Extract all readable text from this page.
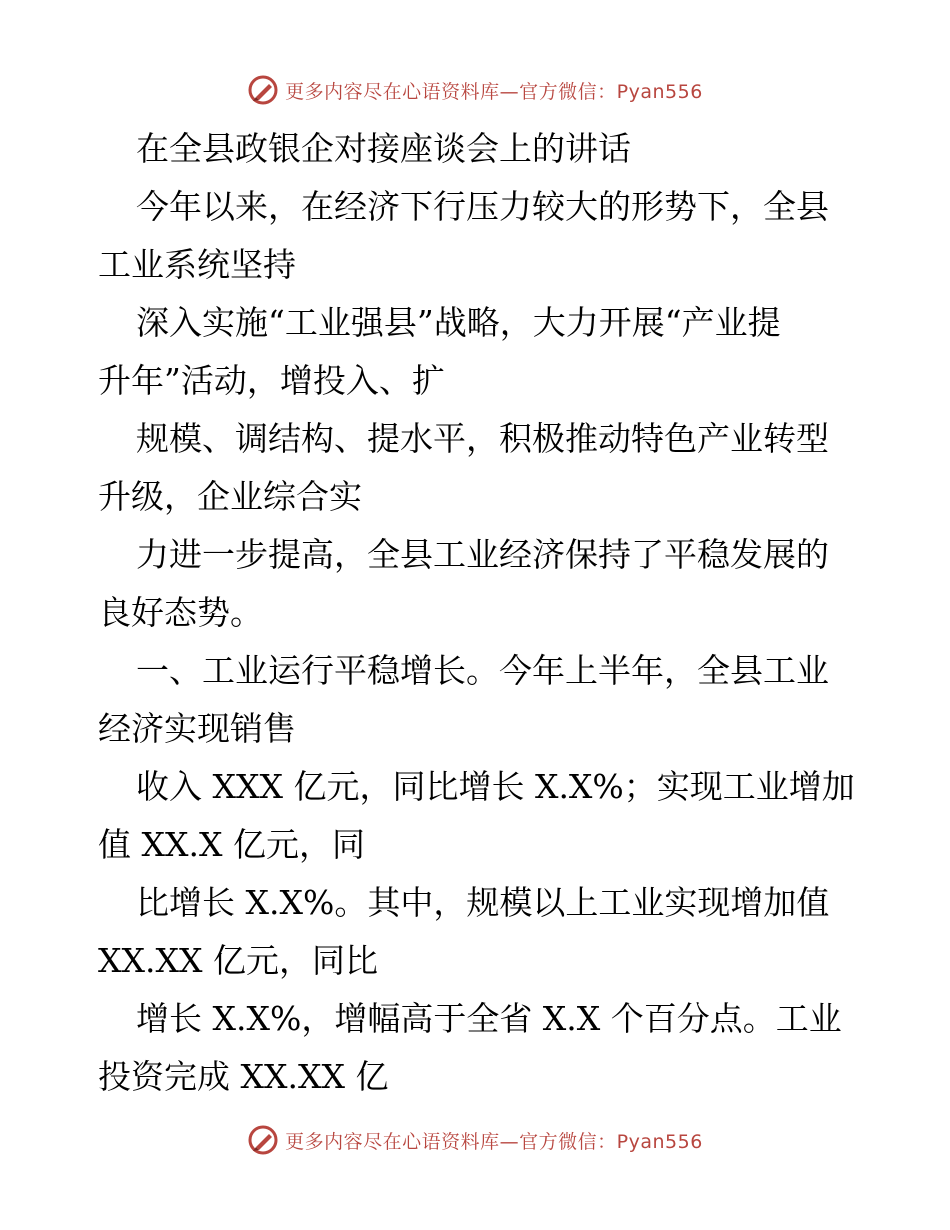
更多内容尽在心语资料库—官方微信：Pyan556
在全县政银企对接座谈会上的讲话
今年以来，在经济下行压力较大的形势下，全县
工业系统坚持
深入实施“工业强县”战略，大力开展“产业提
升年”活动，增投入、扩
规模、调结构、提水平，积极推动特色产业转型
升级，企业综合实
力进一步提高，全县工业经济保持了平稳发展的
良好态势。
一、工业运行平稳增长。今年上半年，全县工业
经济实现销售
收入 XXX 亿元，同比增长 X.X%；实现工业增加
值 XX.X 亿元，同
比增长 X.X%。其中，规模以上工业实现增加值
XX.XX 亿元，同比
增长 X.X%，增幅高于全省 X.X 个百分点。工业
投资完成 XX.XX 亿
更多内容尽在心语资料库—官方微信：Pyan556
